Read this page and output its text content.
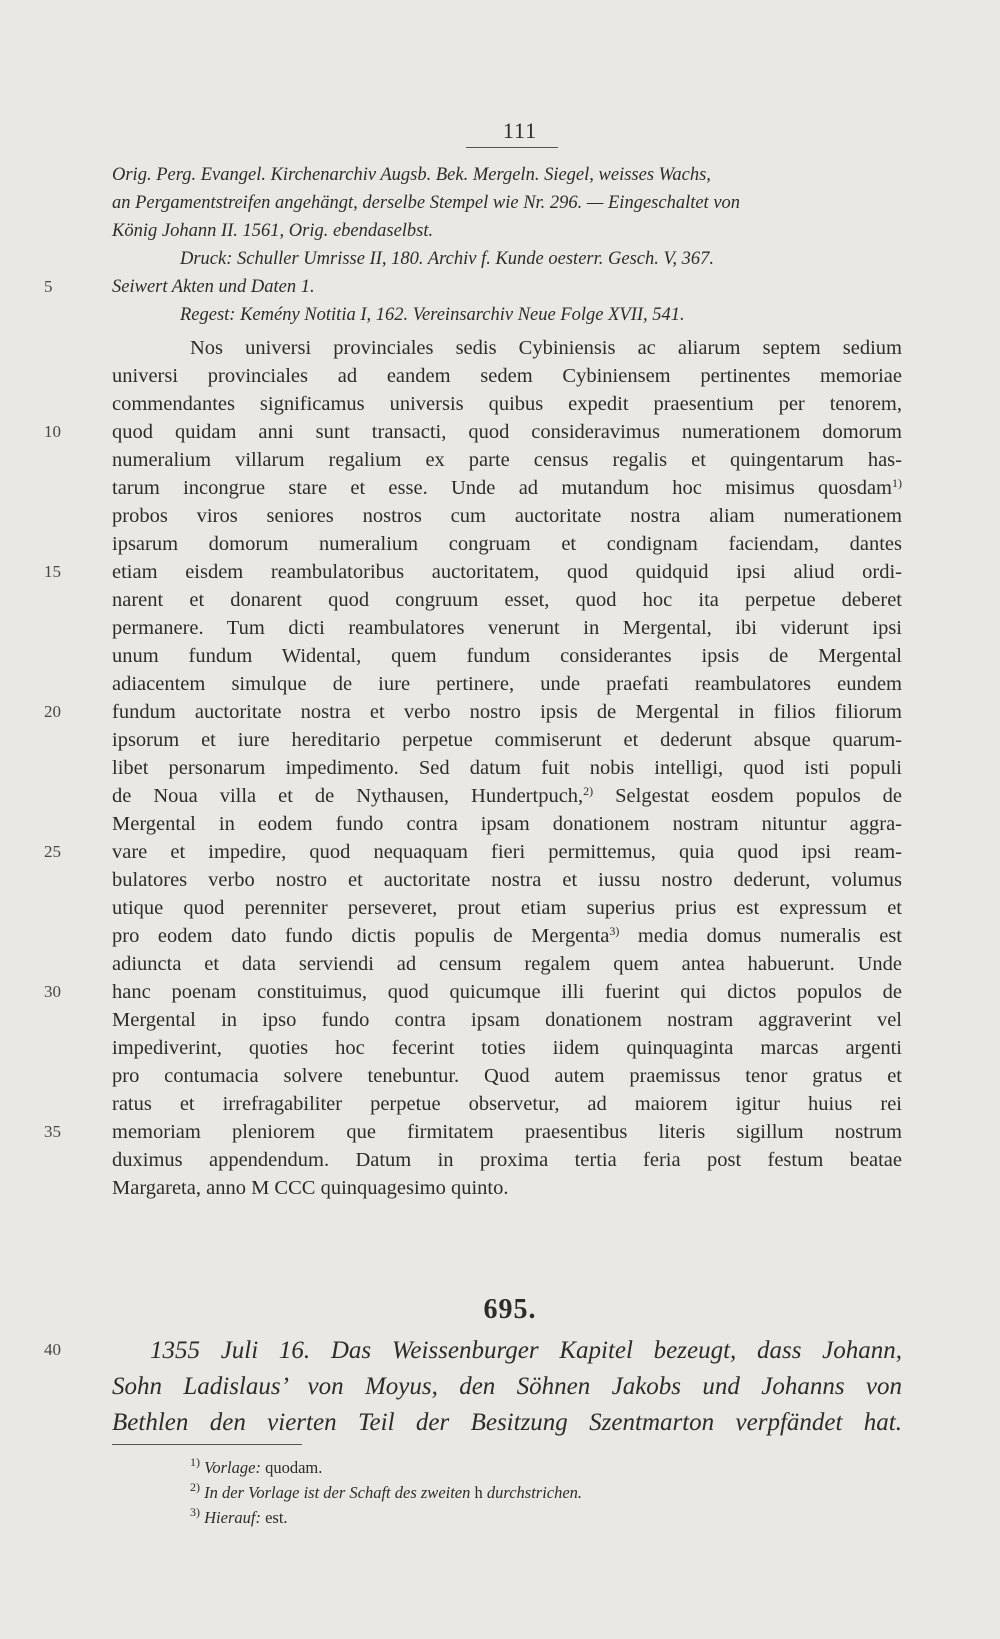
111
Orig. Perg. Evangel. Kirchenarchiv Augsb. Bek. Mergeln. Siegel, weisses Wachs,
an Pergamentstreifen angehängt, derselbe Stempel wie Nr. 296. — Eingeschaltet von
König Johann II. 1561, Orig. ebendaselbst.
Druck: Schuller Umrisse II, 180. Archiv f. Kunde oesterr. Gesch. V, 367.
Seiwert Akten und Daten 1.
Regest: Kemény Notitia I, 162. Vereinsarchiv Neue Folge XVII, 541.
Nos universi provinciales sedis Cybiniensis ac aliarum septem sedium
universi provinciales ad eandem sedem Cybiniensem pertinentes memoriae
commendantes significamus universis quibus expedit praesentium per tenorem,
quod quidam anni sunt transacti, quod consideravimus numerationem domorum
numeralium villarum regalium ex parte census regalis et quingentarum has-
tarum incongrue stare et esse. Unde ad mutandum hoc misimus quosdam$^{1)}$
probos viros seniores nostros cum auctoritate nostra aliam numerationem
ipsarum domorum numeralium congruam et condignam faciendam, dantes
etiam eisdem reambulatoribus auctoritatem, quod quidquid ipsi aliud ordi-
narent et donarent quod congruum esset, quod hoc ita perpetue deberet
permanere. Tum dicti reambulatores venerunt in Mergental, ibi viderunt ipsi
unum fundum Widental, quem fundum considerantes ipsis de Mergental
adiacentem simulque de iure pertinere, unde praefati reambulatores eundem
fundum auctoritate nostra et verbo nostro ipsis de Mergental in filios filiorum
ipsorum et iure hereditario perpetue commiserunt et dederunt absque quarum-
libet personarum impedimento. Sed datum fuit nobis intelligi, quod isti populi
de Noua villa et de Nythausen, Hundertpuch,$^{2)}$ Selgestat eosdem populos de
Mergental in eodem fundo contra ipsam donationem nostram nituntur aggra-
vare et impedire, quod nequaquam fieri permittemus, quia quod ipsi ream-
bulatores verbo nostro et auctoritate nostra et iussu nostro dederunt, volumus
utique quod perenniter perseveret, prout etiam superius prius est expressum et
pro eodem dato fundo dictis populis de Mergenta$^{3)}$ media domus numeralis est
adiuncta et data serviendi ad censum regalem quem antea habuerunt. Unde
hanc poenam constituimus, quod quicumque illi fuerint qui dictos populos de
Mergental in ipso fundo contra ipsam donationem nostram aggraverint vel
impediverint, quoties hoc fecerint toties iidem quinquaginta marcas argenti
pro contumacia solvere tenebuntur. Quod autem praemissus tenor gratus et
ratus et irrefragabiliter perpetue observetur, ad maiorem igitur huius rei
memoriam pleniorem que firmitatem praesentibus literis sigillum nostrum
duximus appendendum. Datum in proxima tertia feria post festum beatae
Margareta, anno M CCC quinquagesimo quinto.
5
10
15
20
25
30
35
40
695.
1355 Juli 16. Das Weissenburger Kapitel bezeugt, dass Johann,
Sohn Ladislaus’ von Moyus, den Söhnen Jakobs und Johanns von
Bethlen den vierten Teil der Besitzung Szentmarton verpfändet hat.
$^{1)}$ Vorlage: quodam.
$^{2)}$ In der Vorlage ist der Schaft des zweiten h durchstrichen.
$^{3)}$ Hierauf: est.
